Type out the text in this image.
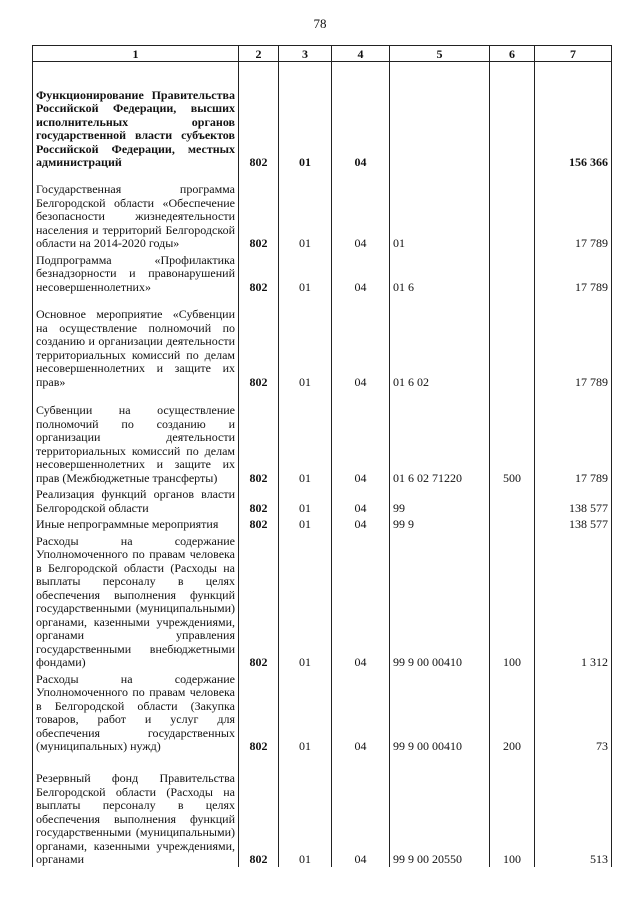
78
1	2	3	4	5	6	7
Функционирование Правительства Российской Федерации, высших исполнительных органов государственной власти субъектов Российской Федерации, местных администраций	802	01	04			156 366
Государственная программа Белгородской области «Обеспечение безопасности жизнедеятельности населения и территорий Белгородской области на 2014-2020 годы»	802	01	04	01		17 789
Подпрограмма «Профилактика безнадзорности и правонарушений несовершеннолетних»	802	01	04	01 6		17 789
Основное мероприятие «Субвенции на осуществление полномочий по созданию и организации деятельности территориальных комиссий по делам несовершеннолетних и защите их прав»	802	01	04	01 6 02		17 789
Субвенции на осуществление полномочий по созданию и организации деятельности территориальных комиссий по делам несовершеннолетних и защите их прав (Межбюджетные трансферты)	802	01	04	01 6 02 71220	500	17 789
Реализация функций органов власти Белгородской области	802	01	04	99		138 577
Иные непрограммные мероприятия	802	01	04	99 9		138 577
Расходы на содержание Уполномоченного по правам человека в Белгородской области (Расходы на выплаты персоналу в целях обеспечения выполнения функций государственными (муниципальными) органами, казенными учреждениями, органами управления государственными внебюджетными фондами)	802	01	04	99 9 00 00410	100	1 312
Расходы на содержание Уполномоченного по правам человека в Белгородской области (Закупка товаров, работ и услуг для обеспечения государственных (муниципальных) нужд)	802	01	04	99 9 00 00410	200	73
Резервный фонд Правительства Белгородской области (Расходы на выплаты персоналу в целях обеспечения выполнения функций государственными (муниципальными) органами, казенными учреждениями, органами	802	01	04	99 9 00 20550	100	513
